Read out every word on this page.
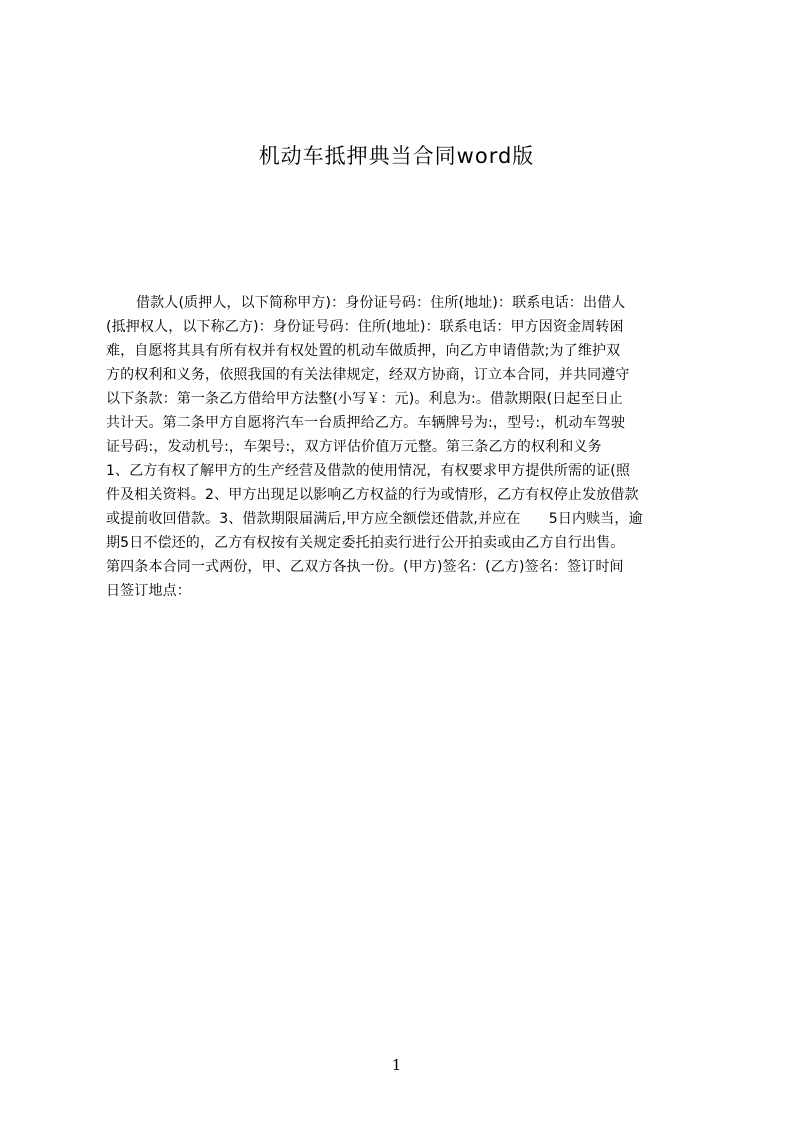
机动车抵押典当合同word版
借款人(质押人，以下简称甲方)：身份证号码：住所(地址)：联系电话：出借人
(抵押权人，以下称乙方)：身份证号码：住所(地址)：联系电话：甲方因资金周转困
难，自愿将其具有所有权并有权处置的机动车做质押，向乙方申请借款;为了维护双
方的权利和义务，依照我国的有关法律规定，经双方协商，订立本合同，并共同遵守
以下条款：第一条乙方借给甲方法整(小写￥：元)。利息为:。借款期限(日起至日止
共计天。第二条甲方自愿将汽车一台质押给乙方。车辆牌号为:，型号:，机动车驾驶
证号码:，发动机号:，车架号:，双方评估价值万元整。第三条乙方的权利和义务
1、乙方有权了解甲方的生产经营及借款的使用情况，有权要求甲方提供所需的证(照
件及相关资料。2、甲方出现足以影响乙方权益的行为或情形，乙方有权停止发放借款
或提前收回借款。3、借款期限届满后,甲方应全额偿还借款,并应在　　5日内赎当，逾
期5日不偿还的，乙方有权按有关规定委托拍卖行进行公开拍卖或由乙方自行出售。
第四条本合同一式两份，甲、乙双方各执一份。(甲方)签名：(乙方)签名：签订时间
日签订地点：
1
